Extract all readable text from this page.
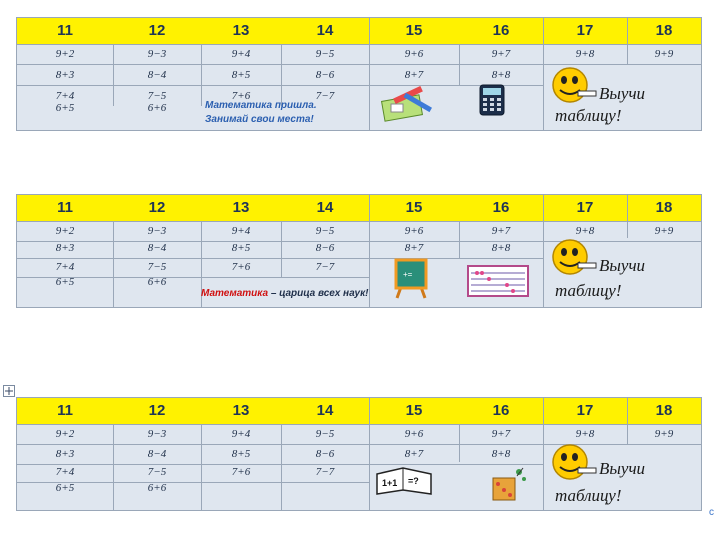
11	12	13	14	15	16	17	18
9+2	9−3	9+4	9−5	9+6	9+7	9+8	9+9
8+3	8−4	8+5	8−6	8+7	8+8
7+4	7−5	7+6	7−7
6+5	6+6	Математика пришла.
Занимай свои места!
Выучи
таблицу!
11	12	13	14	15	16	17	18
9+2	9−3	9+4	9−5	9+6	9+7	9+8	9+9
8+3	8−4	8+5	8−6	8+7	8+8
7+4	7−5	7+6	7−7
6+5	6+6
Математика – царица всех наук!
+=	Выучи
таблицу!
11	12	13	14	15	16	17	18
9+2	9−3	9+4	9−5	9+6	9+7	9+8	9+9
8+3	8−4	8+5	8−6	8+7	8+8
7+4	7−5	7+6	7−7
6+5	6+6	1+1 =?
Выучи
таблицу!
c
